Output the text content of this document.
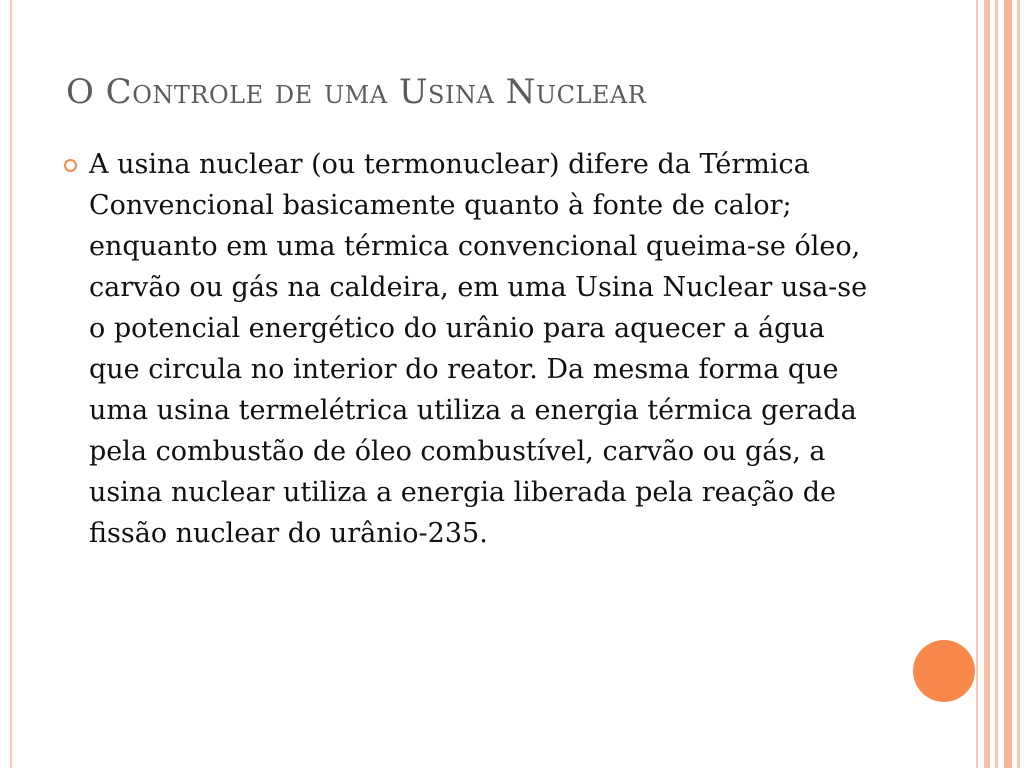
O Controle de uma Usina Nuclear

A usina nuclear (ou termonuclear) difere da Térmica Convencional basicamente quanto à fonte de calor; enquanto em uma térmica convencional queima-se óleo, carvão ou gás na caldeira, em uma Usina Nuclear usa-se o potencial energético do urânio para aquecer a água que circula no interior do reator. Da mesma forma que uma usina termelétrica utiliza a energia térmica gerada pela combustão de óleo combustível, carvão ou gás, a usina nuclear utiliza a energia liberada pela reação de fissão nuclear do urânio-235.
